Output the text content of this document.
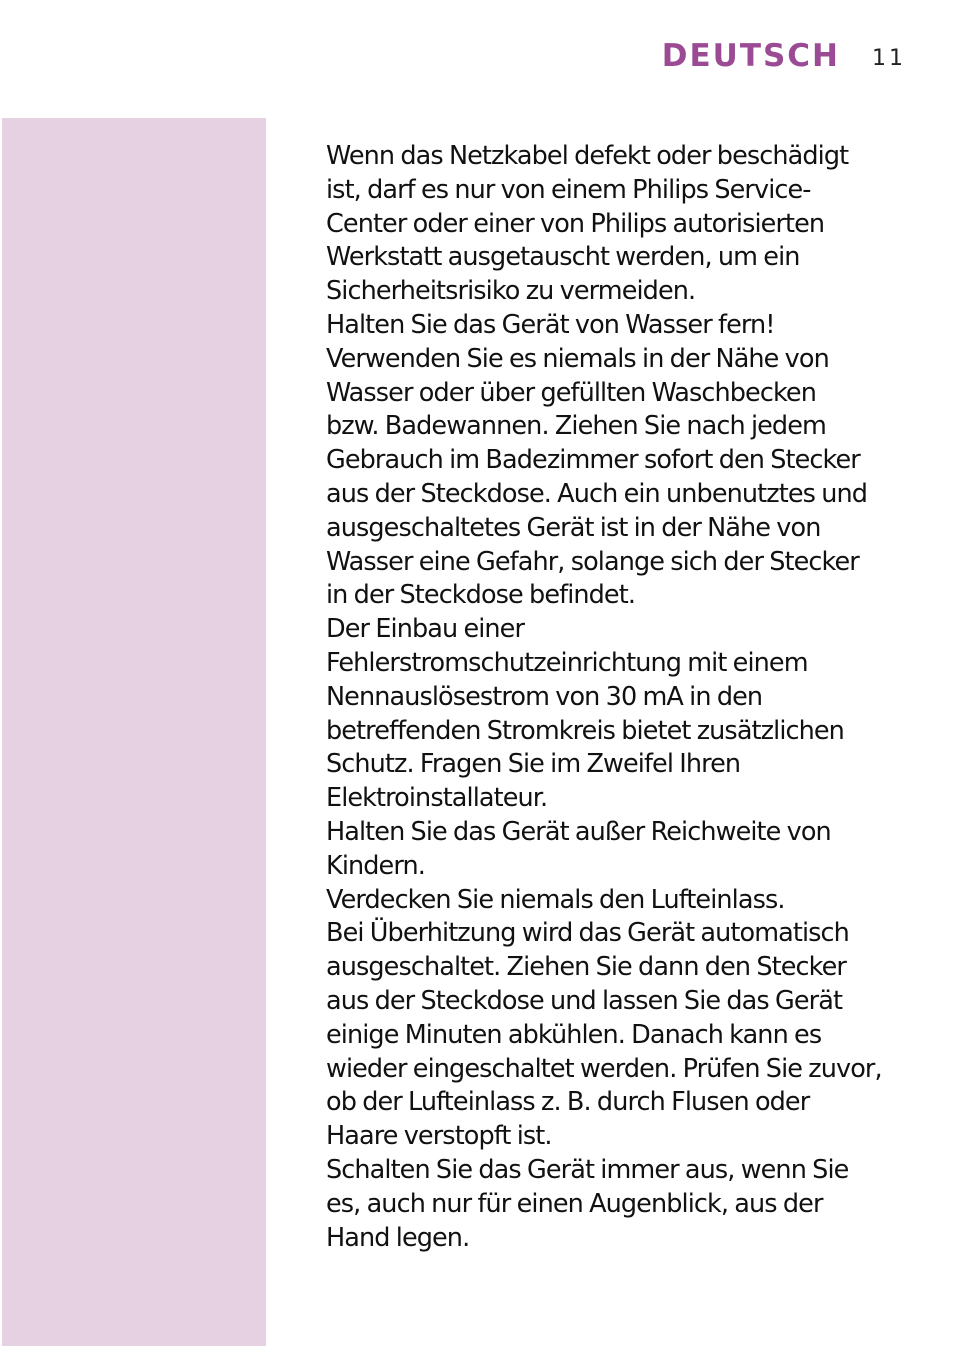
DEUTSCH 11
Wenn das Netzkabel defekt oder beschädigt
ist, darf es nur von einem Philips Service-
Center oder einer von Philips autorisierten
Werkstatt ausgetauscht werden, um ein
Sicherheitsrisiko zu vermeiden.
Halten Sie das Gerät von Wasser fern!
Verwenden Sie es niemals in der Nähe von
Wasser oder über gefüllten Waschbecken
bzw. Badewannen. Ziehen Sie nach jedem
Gebrauch im Badezimmer sofort den Stecker
aus der Steckdose. Auch ein unbenutztes und
ausgeschaltetes Gerät ist in der Nähe von
Wasser eine Gefahr, solange sich der Stecker
in der Steckdose befindet.
Der Einbau einer
Fehlerstromschutzeinrichtung mit einem
Nennauslösestrom von 30 mA in den
betreffenden Stromkreis bietet zusätzlichen
Schutz. Fragen Sie im Zweifel Ihren
Elektroinstallateur.
Halten Sie das Gerät außer Reichweite von
Kindern.
Verdecken Sie niemals den Lufteinlass.
Bei Überhitzung wird das Gerät automatisch
ausgeschaltet. Ziehen Sie dann den Stecker
aus der Steckdose und lassen Sie das Gerät
einige Minuten abkühlen. Danach kann es
wieder eingeschaltet werden. Prüfen Sie zuvor,
ob der Lufteinlass z. B. durch Flusen oder
Haare verstopft ist.
Schalten Sie das Gerät immer aus, wenn Sie
es, auch nur für einen Augenblick, aus der
Hand legen.
